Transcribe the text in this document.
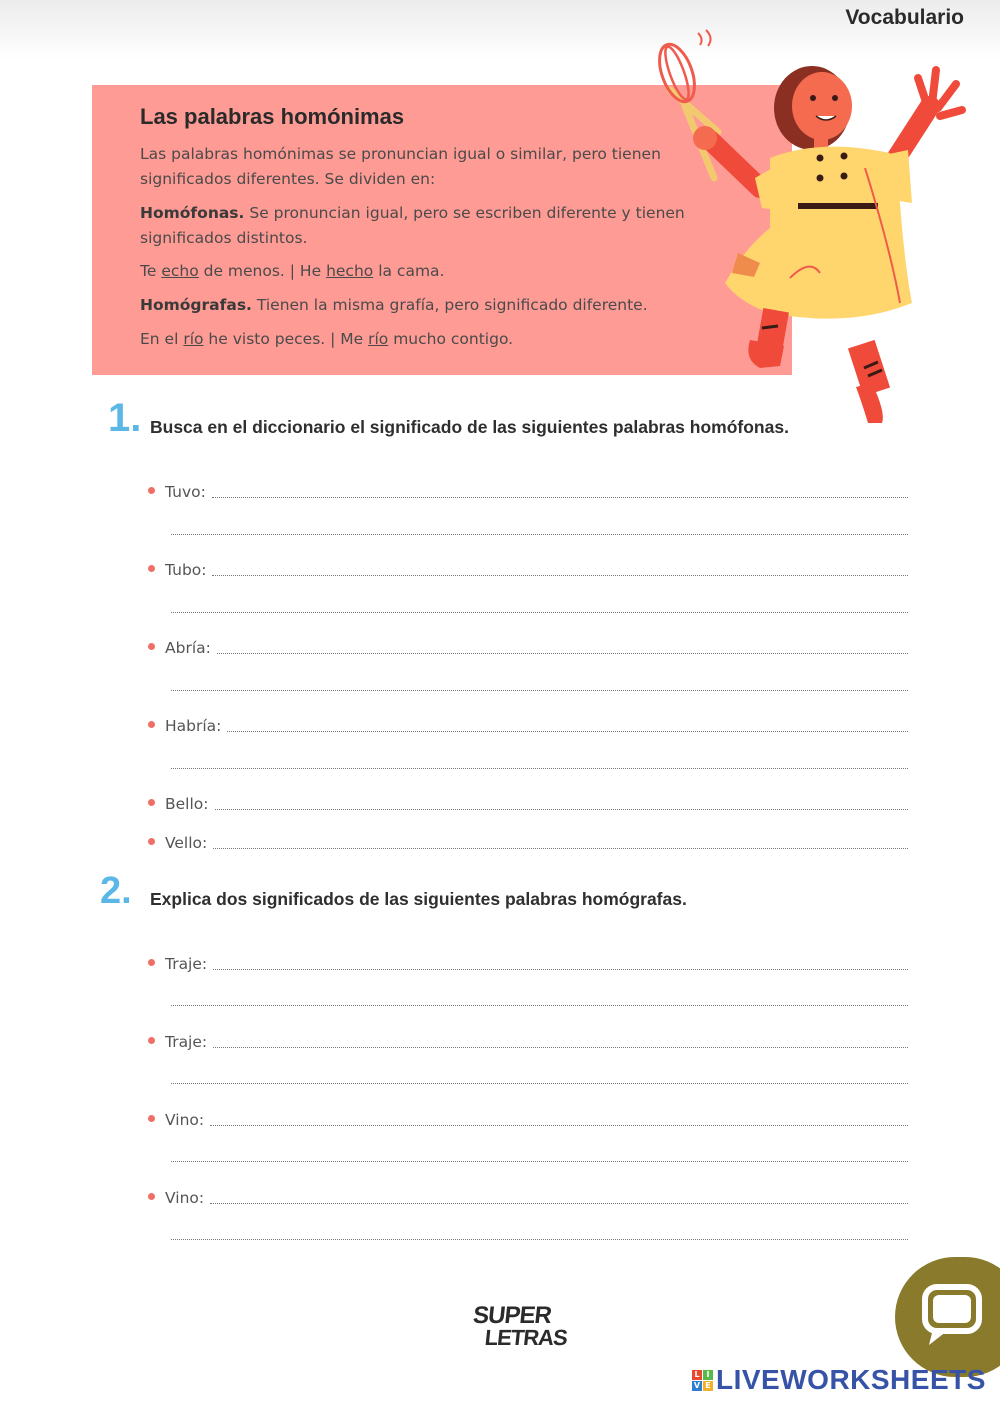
Vocabulario
Las palabras homónimas
Las palabras homónimas se pronuncian igual o similar, pero tienen
significados diferentes. Se dividen en:
Homófonas. Se pronuncian igual, pero se escriben diferente y tienen
significados distintos.
Te echo de menos. | He hecho la cama.
Homógrafas. Tienen la misma grafía, pero significado diferente.
En el río he visto peces. | Me río mucho contigo.
1. Busca en el diccionario el significado de las siguientes palabras homófonas.
Tuvo:
Tubo:
Abría:
Habría:
Bello:
Vello:
2. Explica dos significados de las siguientes palabras homógrafas.
Traje:
Traje:
Vino:
Vino:
SUPER
LETRAS
L I
V E LIVEWORKSHEETS
